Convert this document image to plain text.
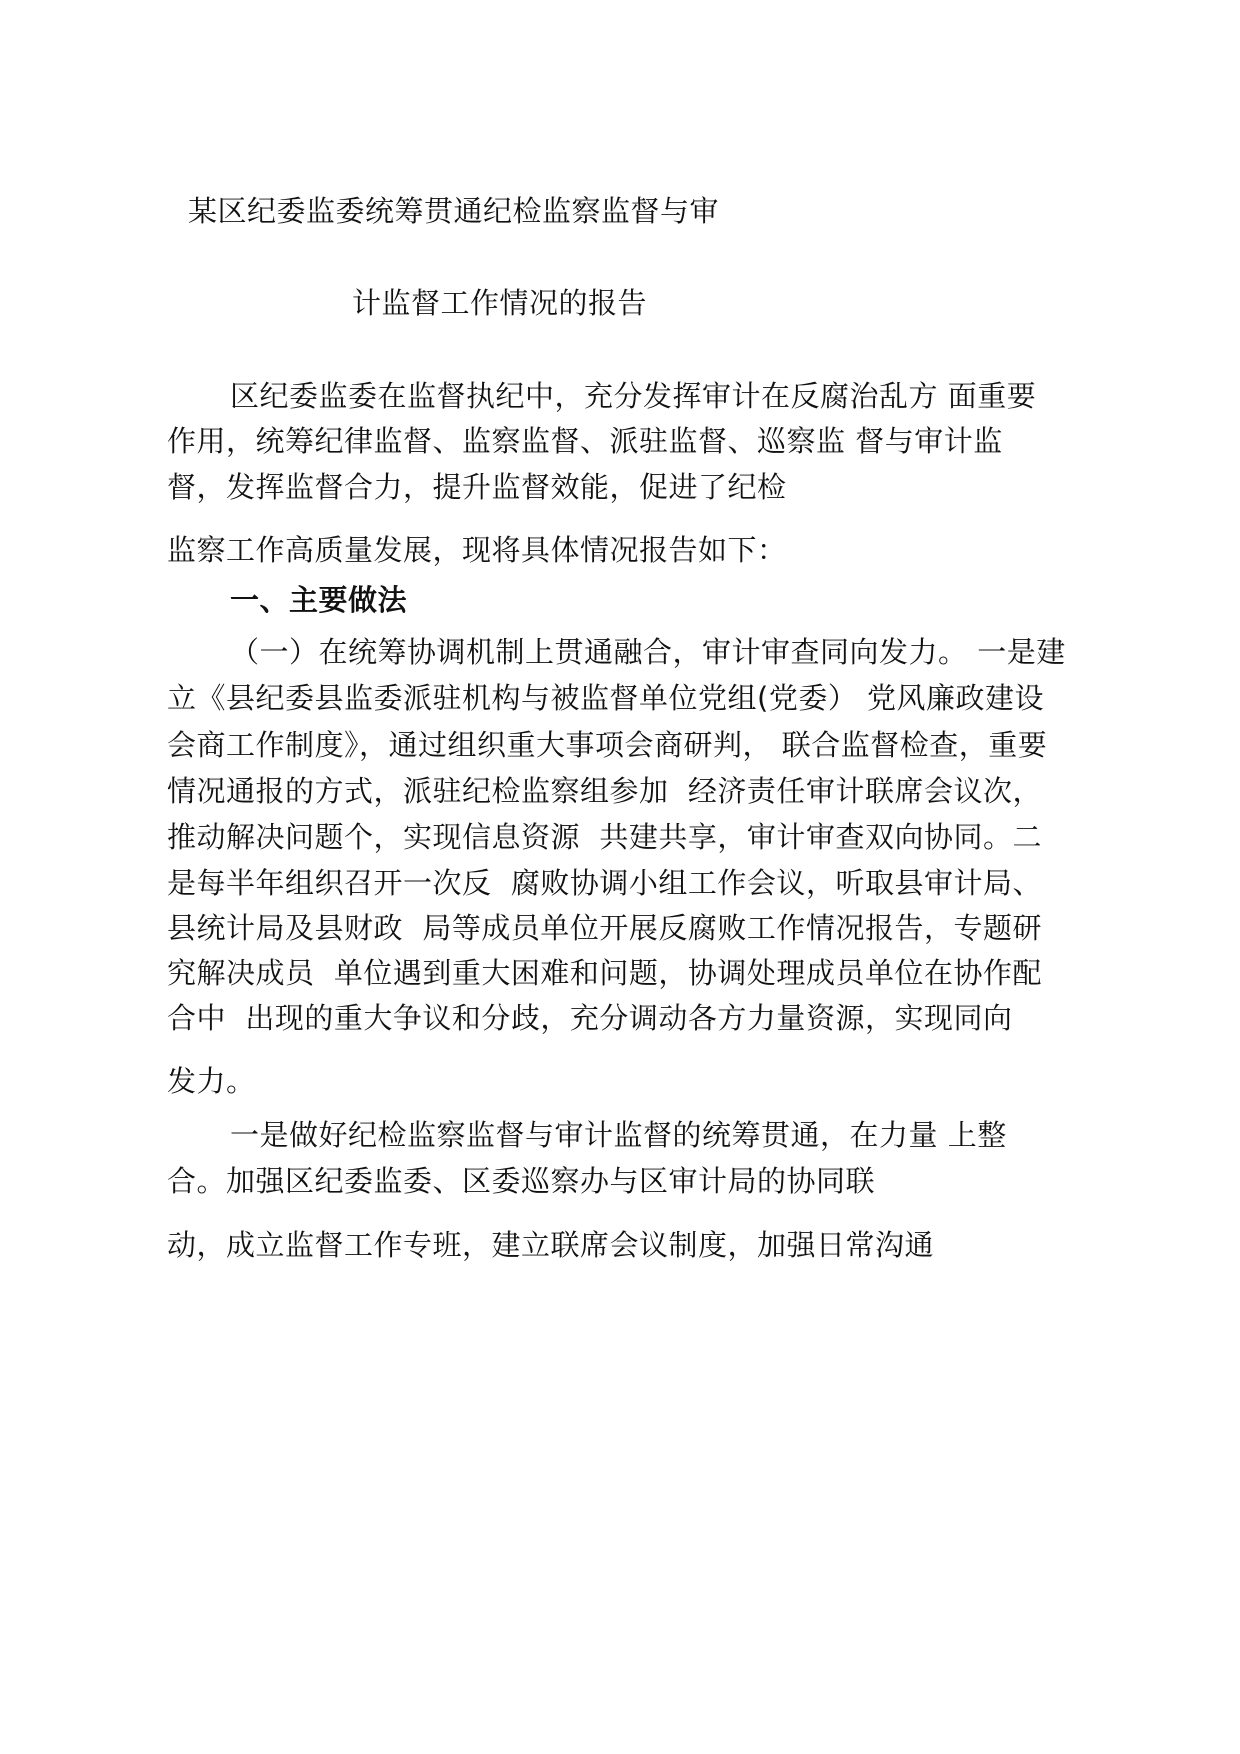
某区纪委监委统筹贯通纪检监察监督与审
计监督工作情况的报告
区纪委监委在监督执纪中，充分发挥审计在反腐治乱方 面重要
作用，统筹纪律监督、监察监督、派驻监督、巡察监 督与审计监
督，发挥监督合力，提升监督效能，促进了纪检
监察工作高质量发展，现将具体情况报告如下：
一、主要做法
（一）在统筹协调机制上贯通融合，审计审查同向发力。 一是建
立《县纪委县监委派驻机构与被监督单位党组(党委） 党风廉政建设
会商工作制度》，通过组织重大事项会商研判， 联合监督检查，重要
情况通报的方式，派驻纪检监察组参加  经济责任审计联席会议次，
推动解决问题个，实现信息资源  共建共享，审计审查双向协同。二
是每半年组织召开一次反  腐败协调小组工作会议，听取县审计局、
县统计局及县财政  局等成员单位开展反腐败工作情况报告，专题研
究解决成员  单位遇到重大困难和问题，协调处理成员单位在协作配
合中  出现的重大争议和分歧，充分调动各方力量资源，实现同向
发力。
一是做好纪检监察监督与审计监督的统筹贯通，在力量 上整
合。加强区纪委监委、区委巡察办与区审计局的协同联
动，成立监督工作专班，建立联席会议制度，加强日常沟通
